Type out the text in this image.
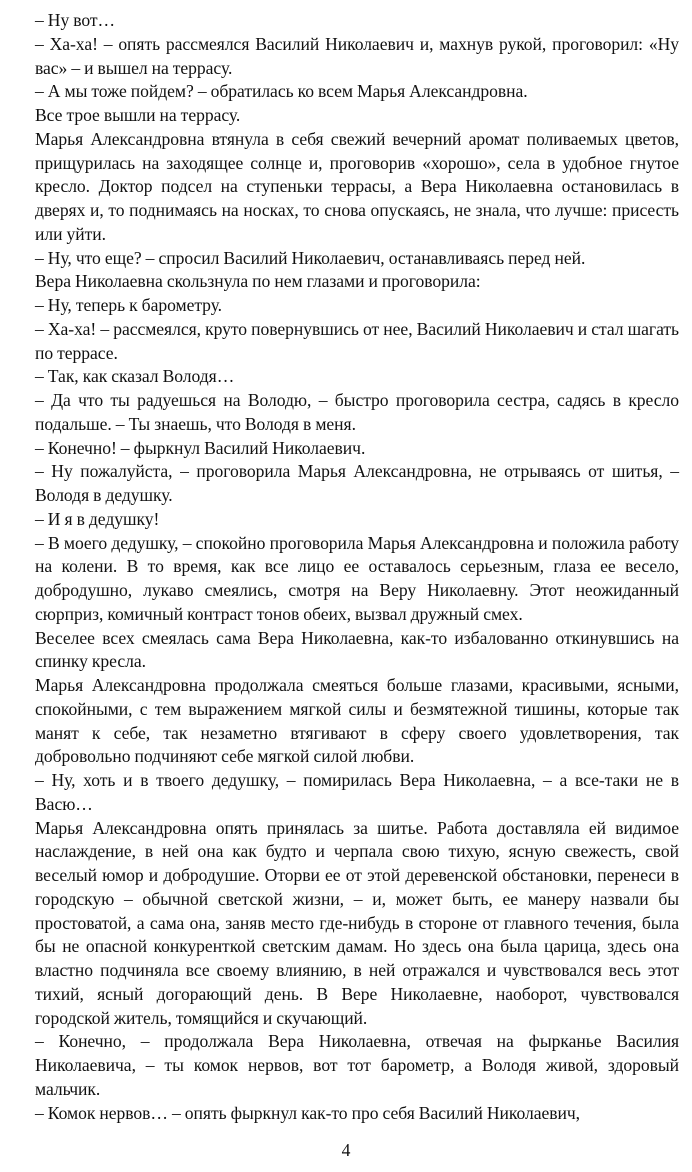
– Ну вот…
– Ха-ха! – опять рассмеялся Василий Николаевич и, махнув рукой, проговорил: «Ну вас» – и вышел на террасу.
– А мы тоже пойдем? – обратилась ко всем Марья Александровна.
Все трое вышли на террасу.
Марья Александровна втянула в себя свежий вечерний аромат поливаемых цветов, прищурилась на заходящее солнце и, проговорив «хорошо», села в удобное гнутое кресло. Доктор подсел на ступеньки террасы, а Вера Николаевна остановилась в дверях и, то поднимаясь на носках, то снова опускаясь, не знала, что лучше: присесть или уйти.
– Ну, что еще? – спросил Василий Николаевич, останавливаясь перед ней.
Вера Николаевна скользнула по нем глазами и проговорила:
– Ну, теперь к барометру.
– Ха-ха! – рассмеялся, круто повернувшись от нее, Василий Николаевич и стал шагать по террасе.
– Так, как сказал Володя…
– Да что ты радуешься на Володю, – быстро проговорила сестра, садясь в кресло подальше. – Ты знаешь, что Володя в меня.
– Конечно! – фыркнул Василий Николаевич.
– Ну пожалуйста, – проговорила Марья Александровна, не отрываясь от шитья, – Володя в дедушку.
– И я в дедушку!
– В моего дедушку, – спокойно проговорила Марья Александровна и положила работу на колени. В то время, как все лицо ее оставалось серьезным, глаза ее весело, добродушно, лукаво смеялись, смотря на Веру Николаевну. Этот неожиданный сюрприз, комичный контраст тонов обеих, вызвал дружный смех.
Веселее всех смеялась сама Вера Николаевна, как-то избалованно откинувшись на спинку кресла.
Марья Александровна продолжала смеяться больше глазами, красивыми, ясными, спокойными, с тем выражением мягкой силы и безмятежной тишины, которые так манят к себе, так незаметно втягивают в сферу своего удовлетворения, так добровольно подчиняют себе мягкой силой любви.
– Ну, хоть и в твоего дедушку, – помирилась Вера Николаевна, – а все-таки не в Васю…
Марья Александровна опять принялась за шитье. Работа доставляла ей видимое наслаждение, в ней она как будто и черпала свою тихую, ясную свежесть, свой веселый юмор и добродушие. Оторви ее от этой деревенской обстановки, перенеси в городскую – обычной светской жизни, – и, может быть, ее манеру назвали бы простоватой, а сама она, заняв место где-нибудь в стороне от главного течения, была бы не опасной конкуренткой светским дамам. Но здесь она была царица, здесь она властно подчиняла все своему влиянию, в ней отражался и чувствовался весь этот тихий, ясный догорающий день. В Вере Николаевне, наоборот, чувствовался городской житель, томящийся и скучающий.
– Конечно, – продолжала Вера Николаевна, отвечая на фырканье Василия Николаевича, – ты комок нервов, вот тот барометр, а Володя живой, здоровый мальчик.
– Комок нервов… – опять фыркнул как-то про себя Василий Николаевич,
4
